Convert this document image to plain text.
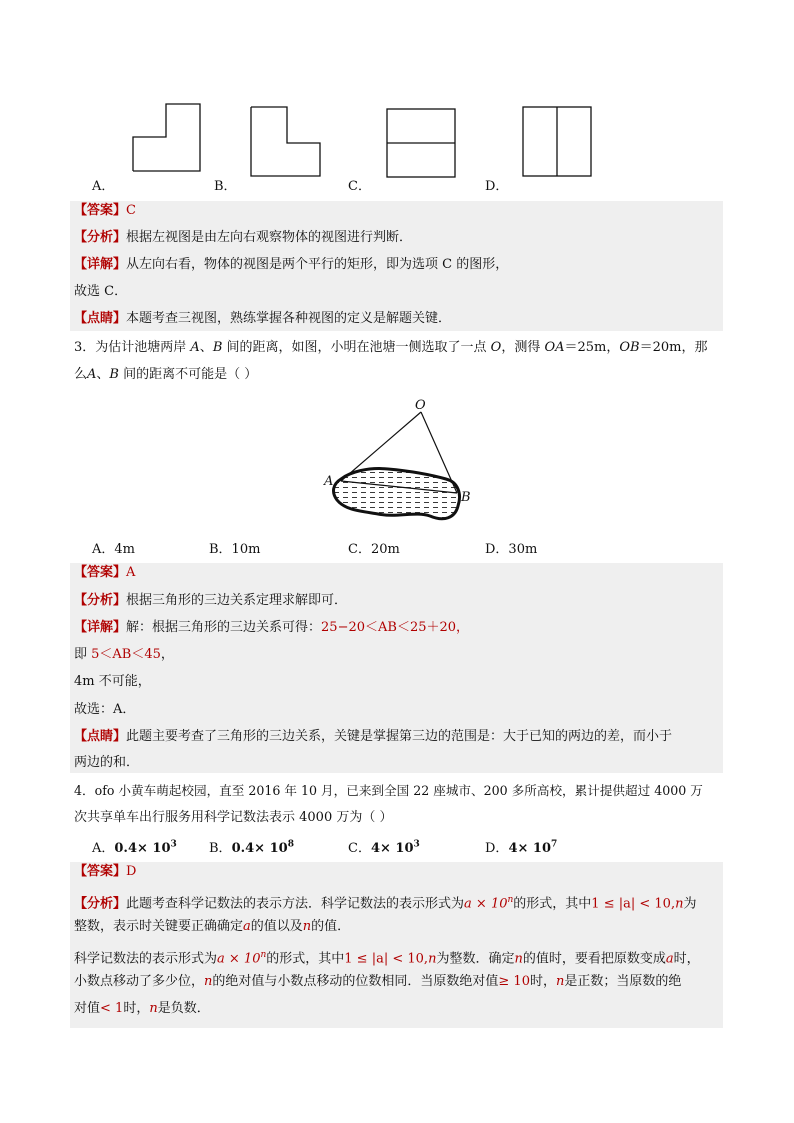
A．	B．	C．	D．
【答案】C
【分析】根据左视图是由左向右观察物体的视图进行判断．
【详解】从左向右看，物体的视图是两个平行的矩形，即为选项 C 的图形，
故选 C．
【点睛】本题考查三视图，熟练掌握各种视图的定义是解题关键．
3．为估计池塘两岸 A、B 间的距离，如图，小明在池塘一侧选取了一点 O，测得 OA＝25m，OB＝20m，那
么A、B 间的距离不可能是（ ）
O
A
B
A．4m	B．10m	C．20m	D．30m
【答案】A
【分析】根据三角形的三边关系定理求解即可．
【详解】解：根据三角形的三边关系可得：25−20＜AB＜25＋20，
即 5＜AB＜45，
4m 不可能，
故选：A．
【点睛】此题主要考查了三角形的三边关系，关键是掌握第三边的范围是：大于已知的两边的差，而小于
两边的和．
4．ofo 小黄车萌起校园，直至 2016 年 10 月，已来到全国 22 座城市、200 多所高校，累计提供超过 4000 万
次共享单车出行服务用科学记数法表示 4000 万为（ ）
A．$0.4\times 10^3$ B．$0.4\times 10^8$	C．$4\times 10^3$	D．$4\times 10^7$
【答案】D
【分析】此题考查科学记数法的表示方法．科学记数法的表示形式为$a \times 10^n$的形式，其中1 ≤ |a| < 10,n为
整数，表示时关键要正确确定a的值以及n的值．
科学记数法的表示形式为$a \times 10^n$的形式，其中1 ≤ |a| < 10,n为整数．确定n的值时，要看把原数变成a时，
小数点移动了多少位，n的绝对值与小数点移动的位数相同．当原数绝对值≥ 10时，n是正数；当原数的绝
对值< 1时，n是负数．
